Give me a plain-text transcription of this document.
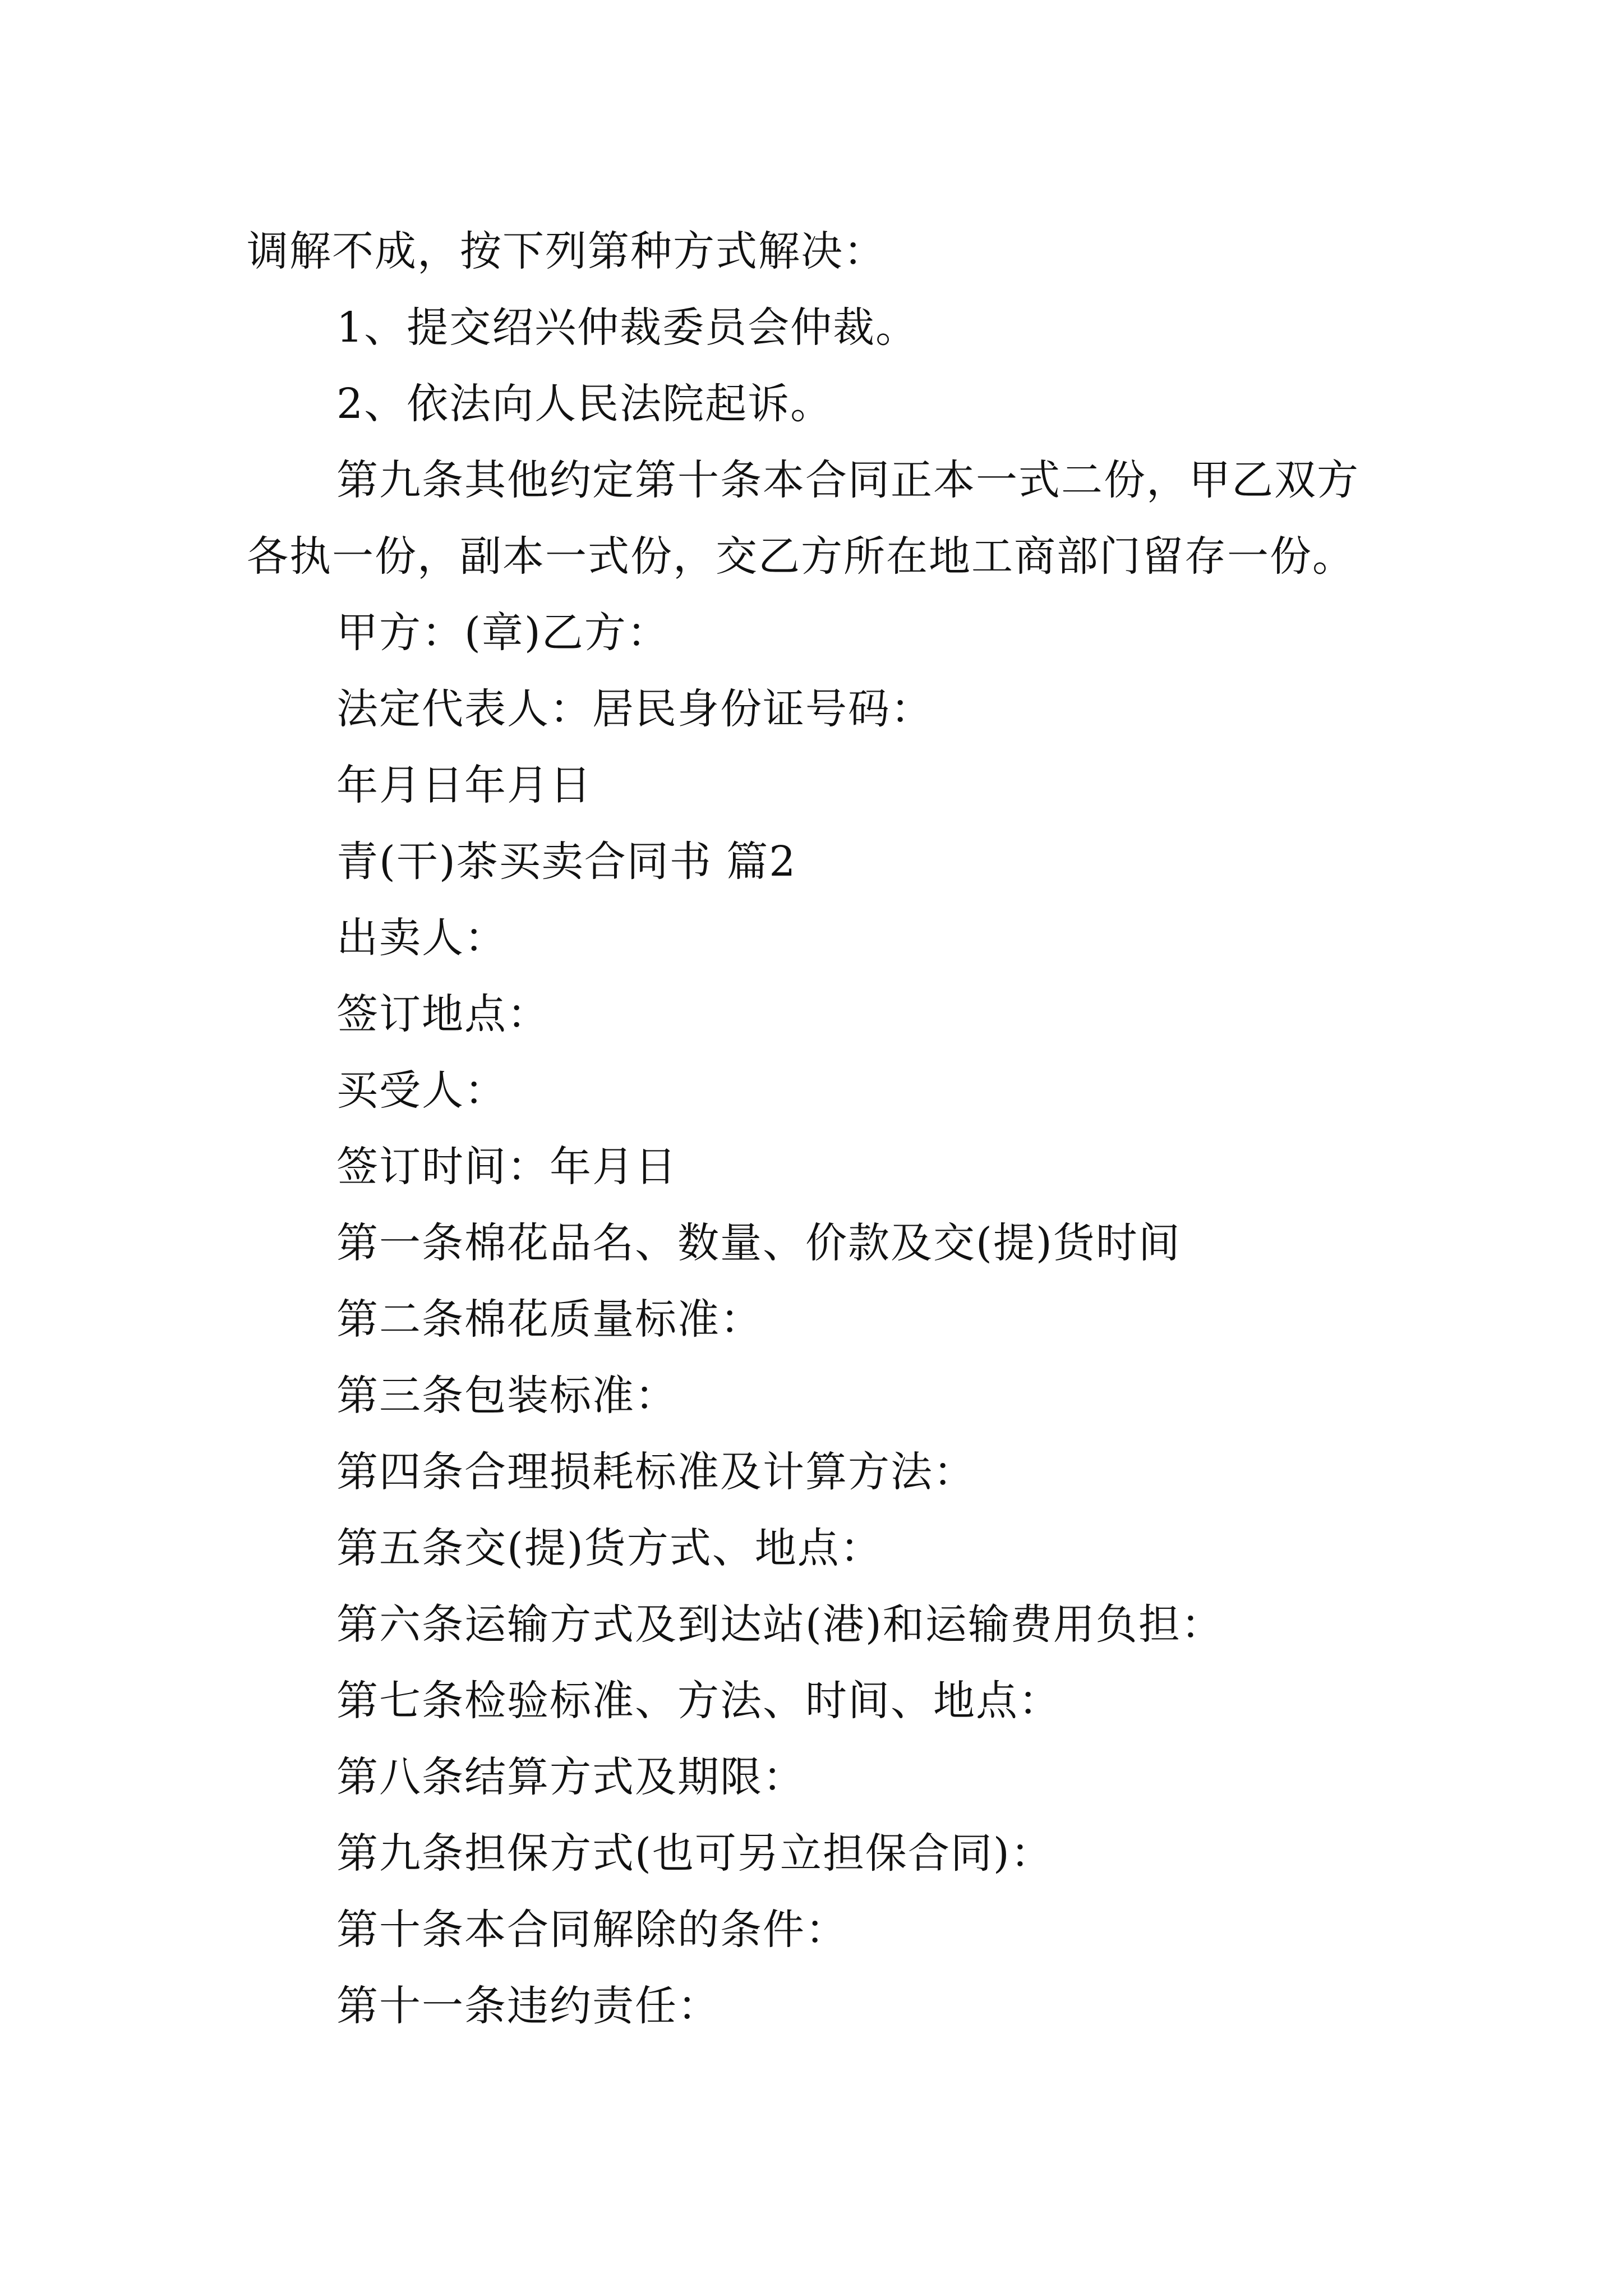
调解不成，按下列第种方式解决：
1、提交绍兴仲裁委员会仲裁。
2、依法向人民法院起诉。
第九条其他约定第十条本合同正本一式二份，甲乙双方
各执一份，副本一式份，交乙方所在地工商部门留存一份。
甲方：(章)乙方：
法定代表人：居民身份证号码：
年月日年月日
青(干)茶买卖合同书 篇2
出卖人：
签订地点：
买受人：
签订时间：年月日
第一条棉花品名、数量、价款及交(提)货时间
第二条棉花质量标准：
第三条包装标准：
第四条合理损耗标准及计算方法：
第五条交(提)货方式、地点：
第六条运输方式及到达站(港)和运输费用负担：
第七条检验标准、方法、时间、地点：
第八条结算方式及期限：
第九条担保方式(也可另立担保合同)：
第十条本合同解除的条件：
第十一条违约责任：
